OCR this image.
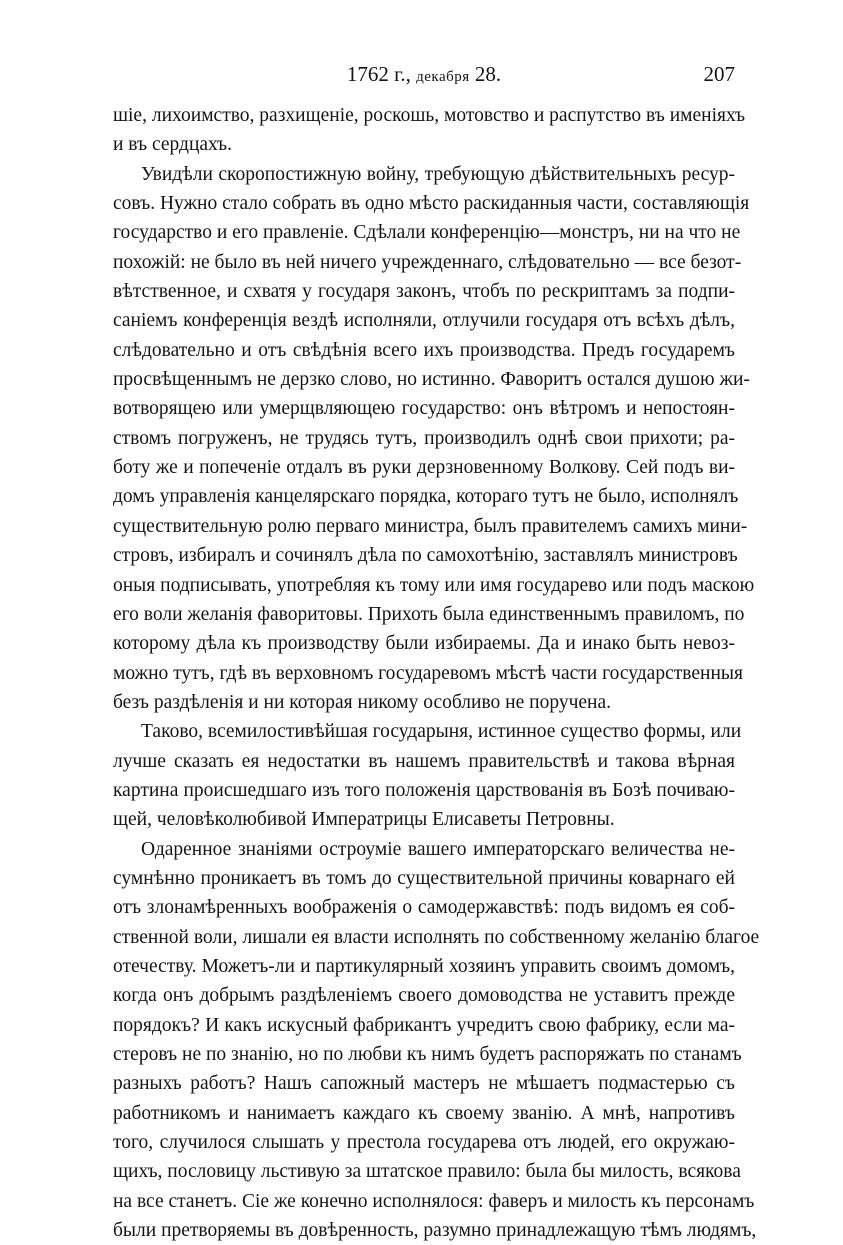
1762 г., декабря 28.	207
шіе, лихоимство, разхищеніе, роскошь, мотовство и распутство въ именіяхъ
и въ сердцахъ.
Увидѣли скоропостижную войну, требующую дѣйствительныхъ ресур-
совъ. Нужно стало собрать въ одно мѣсто раскиданныя части, составляющія
государство и его правленіе. Сдѣлали конференцію—монстръ, ни на что не
похожій: не было въ ней ничего учрежденнаго, слѣдовательно — все безот-
вѣтственное, и схватя у государя законъ, чтобъ по рескриптамъ за подпи-
саніемъ конференція вездѣ исполняли, отлучили государя отъ всѣхъ дѣлъ,
слѣдовательно и отъ свѣдѣнія всего ихъ производства. Предъ государемъ
просвѣщеннымъ не дерзко слово, но истинно. Фаворитъ остался душою жи-
вотворящею или умерщвляющею государство: онъ вѣтромъ и непостоян-
ствомъ погруженъ, не трудясь тутъ, производилъ однѣ свои прихоти; ра-
боту же и попеченіе отдалъ въ руки дерзновенному Волкову. Сей подъ ви-
домъ управленія канцелярскаго порядка, котораго тутъ не было, исполнялъ
существительную ролю перваго министра, былъ правителемъ самихъ мини-
стровъ, избиралъ и сочинялъ дѣла по самохотѣнію, заставлялъ министровъ
оныя подписывать, употребляя къ тому или имя государево или подъ маскою
его воли желанія фаворитовы. Прихоть была единственнымъ правиломъ, по
которому дѣла къ производству были избираемы. Да и инако быть невоз-
можно тутъ, гдѣ въ верховномъ государевомъ мѣстѣ части государственныя
безъ раздѣленія и ни которая никому особливо не поручена.
Таково, всемилостивѣйшая государыня, истинное существо формы, или
лучше сказать ея недостатки въ нашемъ правительствѣ и такова вѣрная
картина происшедшаго изъ того положенія царствованія въ Бозѣ почиваю-
щей, человѣколюбивой Императрицы Елисаветы Петровны.
Одаренное знаніями остроуміе вашего императорскаго величества не-
сумнѣнно проникаетъ въ томъ до существительной причины коварнаго ей
отъ злонамѣренныхъ воображенія о самодержавствѣ: подъ видомъ ея соб-
ственной воли, лишали ея власти исполнять по собственному желанію благое
отечеству. Можетъ-ли и партикулярный хозяинъ управить своимъ домомъ,
когда онъ добрымъ раздѣленіемъ своего домоводства не уставитъ прежде
порядокъ? И какъ искусный фабрикантъ учредитъ свою фабрику, если ма-
стеровъ не по знанію, но по любви къ нимъ будетъ распоряжать по станамъ
разныхъ работъ? Нашъ сапожный мастеръ не мѣшаетъ подмастерью съ
работникомъ и нанимаетъ каждаго къ своему званію. А мнѣ, напротивъ
того, случилося слышать у престола государева отъ людей, его окружаю-
щихъ, пословицу льстивую за штатское правило: была бы милость, всякова
на все станетъ. Сіе же конечно исполнялося: фаверъ и милость къ персонамъ
были претворяемы въ довѣренность, разумно принадлежащую тѣмъ людямъ,
